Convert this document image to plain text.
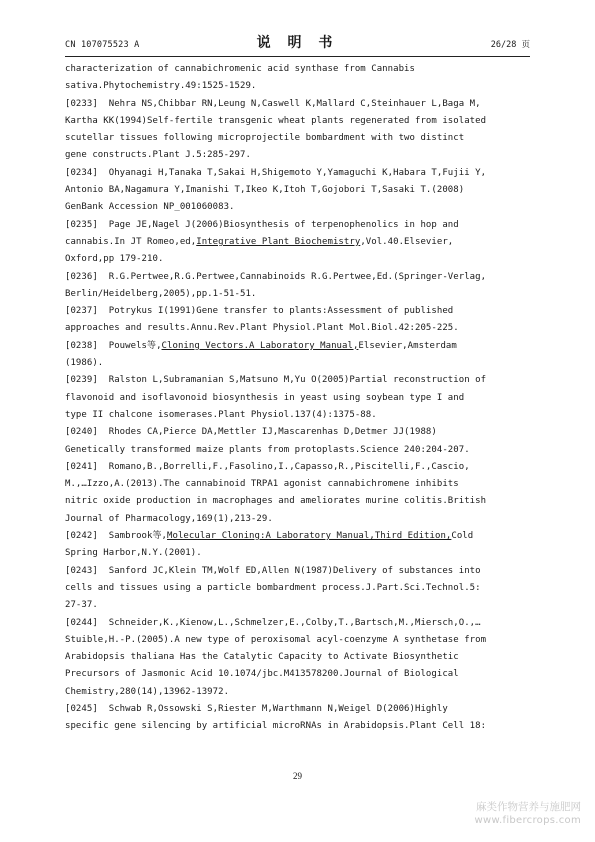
CN 107075523 A	说 明 书	26/28 页
characterization of cannabichromenic acid synthase from Cannabis
sativa.Phytochemistry.49:1525-1529.
[0233]  Nehra NS,Chibbar RN,Leung N,Caswell K,Mallard C,Steinhauer L,Baga M,
Kartha KK(1994)Self-fertile transgenic wheat plants regenerated from isolated
scutellar tissues following microprojectile bombardment with two distinct
gene constructs.Plant J.5:285-297.
[0234]  Ohyanagi H,Tanaka T,Sakai H,Shigemoto Y,Yamaguchi K,Habara T,Fujii Y,
Antonio BA,Nagamura Y,Imanishi T,Ikeo K,Itoh T,Gojobori T,Sasaki T.(2008)
GenBank Accession NP_001060083.
[0235]  Page JE,Nagel J(2006)Biosynthesis of terpenophenolics in hop and
cannabis.In JT Romeo,ed,Integrative Plant Biochemistry,Vol.40.Elsevier,
Oxford,pp 179-210.
[0236]  R.G.Pertwee,R.G.Pertwee,Cannabinoids R.G.Pertwee,Ed.(Springer-Verlag,
Berlin/Heidelberg,2005),pp.1-51-51.
[0237]  Potrykus I(1991)Gene transfer to plants:Assessment of published
approaches and results.Annu.Rev.Plant Physiol.Plant Mol.Biol.42:205-225.
[0238]  Pouwels等,Cloning Vectors.A Laboratory Manual,Elsevier,Amsterdam
(1986).
[0239]  Ralston L,Subramanian S,Matsuno M,Yu O(2005)Partial reconstruction of
flavonoid and isoflavonoid biosynthesis in yeast using soybean type I and
type II chalcone isomerases.Plant Physiol.137(4):1375-88.
[0240]  Rhodes CA,Pierce DA,Mettler IJ,Mascarenhas D,Detmer JJ(1988)
Genetically transformed maize plants from protoplasts.Science 240:204-207.
[0241]  Romano,B.,Borrelli,F.,Fasolino,I.,Capasso,R.,Piscitelli,F.,Cascio,
M.,…Izzo,A.(2013).The cannabinoid TRPA1 agonist cannabichromene inhibits
nitric oxide production in macrophages and ameliorates murine colitis.British
Journal of Pharmacology,169(1),213-29.
[0242]  Sambrook等,Molecular Cloning:A Laboratory Manual,Third Edition,Cold
Spring Harbor,N.Y.(2001).
[0243]  Sanford JC,Klein TM,Wolf ED,Allen N(1987)Delivery of substances into
cells and tissues using a particle bombardment process.J.Part.Sci.Technol.5:
27-37.
[0244]  Schneider,K.,Kienow,L.,Schmelzer,E.,Colby,T.,Bartsch,M.,Miersch,O.,…
Stuible,H.-P.(2005).A new type of peroxisomal acyl-coenzyme A synthetase from
Arabidopsis thaliana Has the Catalytic Capacity to Activate Biosynthetic
Precursors of Jasmonic Acid 10.1074/jbc.M413578200.Journal of Biological
Chemistry,280(14),13962-13972.
[0245]  Schwab R,Ossowski S,Riester M,Warthmann N,Weigel D(2006)Highly
specific gene silencing by artificial microRNAs in Arabidopsis.Plant Cell 18:
29
麻类作物营养与施肥网
www.fibercrops.com
